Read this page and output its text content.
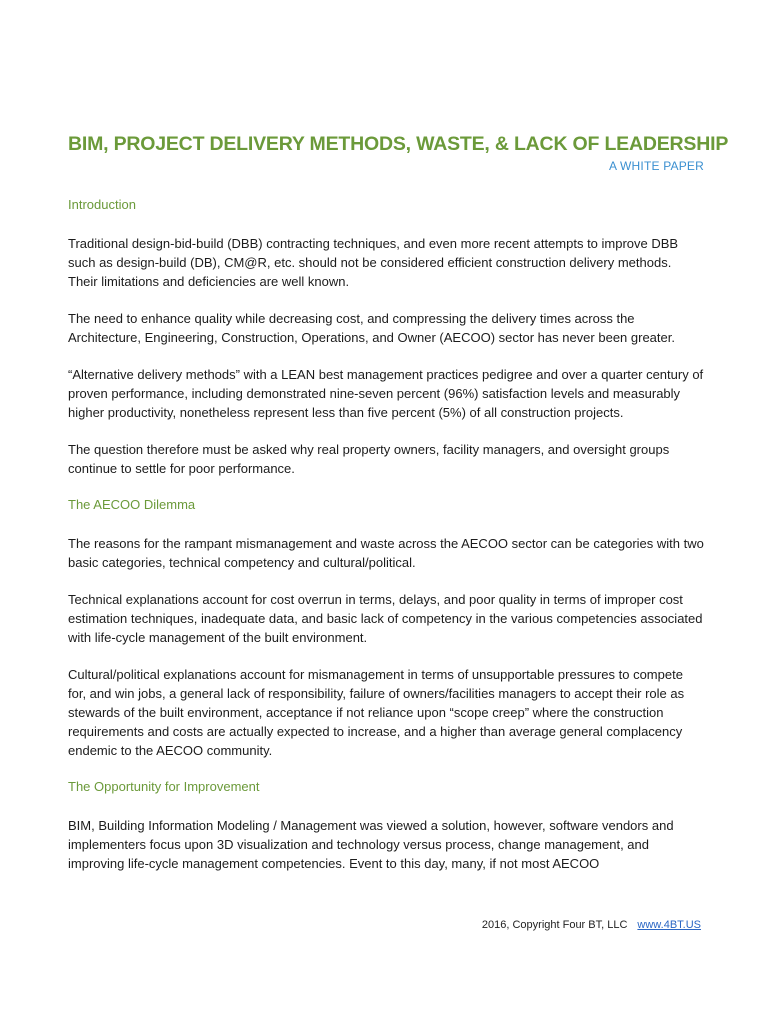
BIM, PROJECT DELIVERY METHODS, WASTE, & LACK OF LEADERSHIP
A WHITE PAPER
Introduction

Traditional design-bid-build (DBB) contracting techniques, and even more recent attempts to improve DBB such as design-build (DB), CM@R, etc. should not be considered efficient construction delivery methods. Their limitations and deficiencies are well known.

The need to enhance quality while decreasing cost, and compressing the delivery times across the Architecture, Engineering, Construction, Operations, and Owner (AECOO) sector has never been greater.

“Alternative delivery methods” with a LEAN best management practices pedigree and over a quarter century of proven performance, including demonstrated nine-seven percent (96%) satisfaction levels and measurably higher productivity, nonetheless represent less than five percent (5%) of all construction projects.

The question therefore must be asked why real property owners, facility managers, and oversight groups continue to settle for poor performance.

The AECOO Dilemma

The reasons for the rampant mismanagement and waste across the AECOO sector can be categories with two basic categories, technical competency and cultural/political.

Technical explanations account for cost overrun in terms, delays, and poor quality in terms of improper cost estimation techniques, inadequate data, and basic lack of competency in the various competencies associated with life-cycle management of the built environment.

Cultural/political explanations account for mismanagement in terms of unsupportable pressures to compete for, and win jobs, a general lack of responsibility, failure of owners/facilities managers to accept their role as stewards of the built environment, acceptance if not reliance upon “scope creep” where the construction requirements and costs are actually expected to increase, and a higher than average general complacency endemic to the AECOO community.

The Opportunity for Improvement

BIM, Building Information Modeling / Management was viewed a solution, however, software vendors and implementers focus upon 3D visualization and technology versus process, change management, and improving life-cycle management competencies. Event to this day, many, if not most AECOO

2016, Copyright Four BT, LLC www.4BT.US
